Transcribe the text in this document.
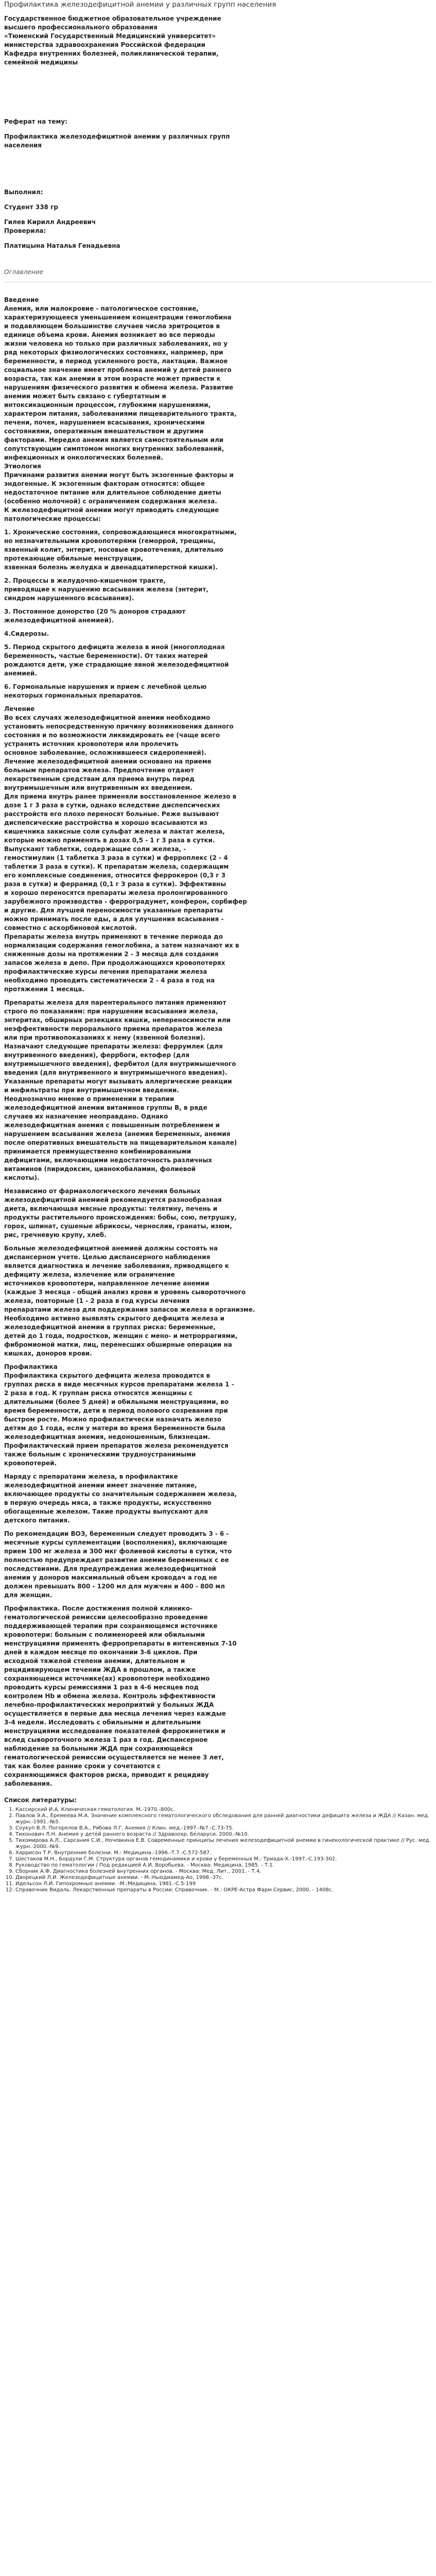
Профилактика железодефицитной анемии у различных групп населения

Государственное бюджетное образовательное учреждение

высшего профессионального образования

«Тюменский Государственный Медицинский университет»

министерства здравоохранения Российской федерации

Кафедра внутренних болезней, поликлинической терапии,

семейной медицины

Реферат на тему:

Профилактика железодефицитной анемии у различных групп

населения

Выполнил:

Студент 338 гр

Гилев Кирилл Андреевич

Проверила:

Платицына Наталья Генадьевна

Оглавление

Введение

Анемия, или малокровие - патологическое состояние,

характеризующееся уменьшением концентрации гемоглобина

и подавляющем большинстве случаев числа эритроцитов в

единице объема крови. Анемия возникает во все периоды

жизни человека но только при различных заболеваниях, но у

ряд некоторых физиологических состояниях, например, при

беременности, в период усиленного роста, лактации. Важное

социальное значение имеет проблема анемий у детей раннего

возраста, так как анемии в этом возрасте может привести к

нарушениям физического развития и обмена железа. Развитие

анемии может быть связано с губертатным и

интоксикационным процессом, глубокими нарушениями,

характером питания, заболеваниями пищеварительного тракта,

печени, почек, нарушением всасывания, хроническими

состояниями, оперативным вмешательством и другими

факторами. Нередко анемия является самостоятельным или

сопутствующим симптомом многих внутренних заболеваний,

инфекционных и онкологических болезней.

Этиология

Причинами развития анемии могут быть экзогенные факторы и

эндогенные. К экзогенным факторам относятся: общее

недостаточное питание или длительное соблюдение диеты

(особенно молочной) с ограничением содержания железа.

К железодефицитной анемии могут приводить следующие

патологические процессы:

1. Хронические состояния, сопровождающиеся многократными,

но незначительными кровопотерями (геморрой, трещины,

язвенный колит, энтерит, носовые кровотечения, длительно

протекающие обильные менструации,

язвенная болезнь желудка и двенадцатиперстной кишки).

2. Процессы в желудочно-кишечном тракте,

приводящие к нарушению всасывания железа (энтерит,

синдром нарушенного всасывания).

3. Постоянное донорство (20 % доноров страдают

железодефицитной анемией).

4.Сидерозы.

5. Период скрытого дефицита железа в иной (многоплодная

беременность, частые беременности). От таких матерей

рождаются дети, уже страдающие явной железодефицитной

анемией.

6. Гормональные нарушения и прием с лечебной целью

некоторых гормональных препаратов.

Лечение

Во всех случаях железодефицитной анемии необходимо

установить непосредственную причину возникновения данного

состояния и по возможности ликвидировать ее (чаще всего

устранить источник кровопотери или пролечить

основное заболевание, осложнившееся сидеропенией).

Лечение железодефицитной анемии основано на приеме

больным препаратов железа. Предпочтение отдают

лекарственным средствам для приема внутрь перед

внутримышечным или внутривенным их введением.

Для приема внутрь ранее применяли восстановленное железо в

дозе 1 г 3 раза в сутки, однако вследствие диспепсических

расстройств его плохо переносят больные. Реже вызывают

диспепсические расстройства и хорошо всасываются из

кишечника закисные соли сульфат железа и лактат железа,

которые можно применять в дозах 0,5 - 1 г 3 раза в сутки.

Выпускают таблетки, содержащие соли железа, -

гемостимулин (1 таблетка 3 раза в сутки) и ферроплекс (2 - 4

таблетки 3 раза в сутки). К препаратам железа, содержащим

его комплексные соединения, относится феррокерон (0,3 г 3

раза в сутки) и феррамид (0,1 г 3 раза в сутки). Эффективны

и хорошо переносятся препараты железа пролонгированного

зарубежного производства - ферроградумет, конферон, сорбифер

и другие. Для лучшей переносимости указанные препараты

можно принимать после еды, а для улучшения всасывания -

совместно с аскорбиновой кислотой.

Препараты железа внутрь применяют в течение периода до

нормализации содержания гемоглобина, а затем назначают их в

сниженные дозы на протяжении 2 - 3 месяца для создания

запасов железа в депо. При продолжающихся кровопотерях

профилактические курсы лечения препаратами железа

необходимо проводить систематически 2 - 4 раза в год на

протяжении 1 месяца.

Препараты железа для парентерального питания применяют

строго по показаниям: при нарушении всасывания железа,

энтеритах, обширных резекциях кишки, непереносимости или

неэффективности перорального приема препаратов железа

или при противопоказаниях к нему (язвенной болезни).

Назначают следующие препараты железа: феррумлек (для

внутривенного введения), феррбоги, ектофер (для

внутримышечного введения), фербитол (для внутримышечного

введения (для внутривенного и внутримышечного введения).

Указанные препараты могут вызывать аллергические реакции

и инфильтраты при внутримышечном введении.

Неоднозначно мнение о применении в терапии

железодефицитной анемии витаминов группы В, в ряде

случаев их назначение неоправдано. Однако

железодефицитная анемия с повышенным потреблением и

нарушением всасывания железа (анемия беременных, анемия

после оперативных вмешательств на пищеварительном канале)

принимается преимущественно комбинированными

дефицитами, включающими недостаточность различных

витаминов (пиридоксин, цианокобаламин, фолиевой

кислоты).

Независимо от фармакологического лечения больных

железодефицитной анемией рекомендуется разнообразная

диета, включающая мясные продукты: телятину, печень и

продукты растительного происхождения: бобы, сою, петрушку,

горох, шпинат, сушеные абрикосы, чернослив, гранаты, изюм,

рис, гречневую крупу, хлеб.

Больные железодефицитной анемией должны состоять на

диспансерном учете. Целью диспансерного наблюдения

является диагностика и лечение заболевания, приводящего к

дефициту железа, излечение или ограничение

источников кровопотери, направленное лечение анемии

(каждые 3 месяца - общий анализ крови и уровень сывороточного

железа, повторные (1 - 2 раза в год курсы лечения

препаратами железа для поддержания запасов железа в организме.

Необходимо активно выявлять скрытого дефицита железа и

железодефицитной анемии в группах риска: беременные,

детей до 1 года, подростков, женщин с мено- и метроррагиями,

фибромиомой матки, лиц, перенесших обширные операции на

кишках, доноров крови.

Профилактика

Профилактика скрытого дефицита железа проводится в

группах риска в виде месячных курсов препаратами железа 1 -

2 раза в год. К группам риска относятся женщины с

длительными (более 5 дней) и обильными менструациями, во

время беременности, дети в период полового созревания при

быстром росте. Можно профилактически назначать железо

детям до 1 года, если у матери во время беременности была

железодефицитная анемия, недоношенным, близнецам.

Профилактический прием препаратов железа рекомендуется

также больным с хроническими трудноустранимыми

кровопотерей.

Наряду с препаратами железа, в профилактике

железодефицитной анемии имеет значение питание,

включающее продукты со значительным содержанием железа,

в первую очередь мяса, а также продукты, искусственно

обогащенные железом. Такие продукты выпускают для

детского питания.

По рекомендации ВОЗ, беременным следует проводить 3 - 6 -

месячные курсы суплементации (восполнения), включающие

прием 100 мг железа и 300 мкг фолиевой кислоты в сутки, что

полностью предупреждает развитие анемии беременных с ее

последствиями. Для предупреждения железодефицитной

анемии у доноров максимальный объем кроводач а год не

должен превышать 800 - 1200 мл для мужчин и 400 - 800 мл

для женщин.

Профилактика. После достижения полной клинико-

гематологической ремиссии целесообразно проведение

поддерживающей терапии при сохраняющемся источнике

кровопотери: больным с полименореей или обильными

менструациями применять ферропрепараты в интенсивных 7-10

дней в каждом месяце по окончании 3-6 циклов. При

исходной тяжелой степени анемии, длительном и

рецидивирующем течении ЖДА в прошлом, а также

сохраняющемся источнике(ах) кровопотери необходимо

проводить курсы ремиссиями 1 раз в 4-6 месяцев под

контролем Hb и обмена железа. Контроль эффективности

лечебно-профилактических мероприятий у больных ЖДА

осуществляется в первые два месяца лечения через каждые

3-4 недели. Исследовать с обильными и длительными

менструациями исследование показателей феррокинетики и

вслед сывороточного железа 1 раз в год. Диспансерное

наблюдение за больными ЖДА при сохраняющейся

гематологической ремиссии осуществляется не менее 3 лет,

так как более ранние сроки у сочетаются с

сохраняющимися факторов риска, приводит к рецидиву

заболевания.

Список литературы:
1. Кассирский И.А. Клиническая гематология. М.-1970.-800с.
2. Павлов Э.А., Еремеева М.А. Значение комплексного гематологического обследования для ранней диагностики дефицита железа и ЖДА // Казан. мед. журн.-1991.-№5.
3. Соукуп В.Л. Погорелов В.А., Рябова Л.Г. Анемия // Клин. мед.-1997.-№7.-С.73-75.
4. Тихонович Л.Н. Анемия у детей раннего возраста // Здравоохр. Беларуси. 2000.-№10.
5. Тихомирова А.Л., Сарсания С.И., Ночевкина Е.В. Современные принципы лечения железодефицитной анемии в гинекологической практике // Рус. мед. журн.-2000.-№9.
6. Харрисон Т.Р. Внутренние болезни. М.: Медицина.-1996.-Т.7.-С.572-587.
7. Шестаков М.Н., Бордули Г.М. Структура органов гемодинамики и крови у беременных М.: Триада-Х.-1997.-С.193-302.
8. Руководство по гематологии / Под редакцией А.И. Воробьева. - Москва: Медицина, 1985. - Т.1.
9. Сборник А.Ф. Диагностика болезней внутренних органов. - Москва: Мед. Лит., 2001. - Т.4.
10. Дворецкий Л.И. Железодефицитные анемии. - М.:Ньюдиамед-Ао, 1998.-37с.
11. Идельсон Л.И. Гипохромные анемии. -М.:Медицина, 1981.-С.5-199
12. Справочник Видаль. Лекарственные препараты в России: Справочник. - М.: ОКРЕ-Астра Фарм Сервис, 2000. - 1408с.
